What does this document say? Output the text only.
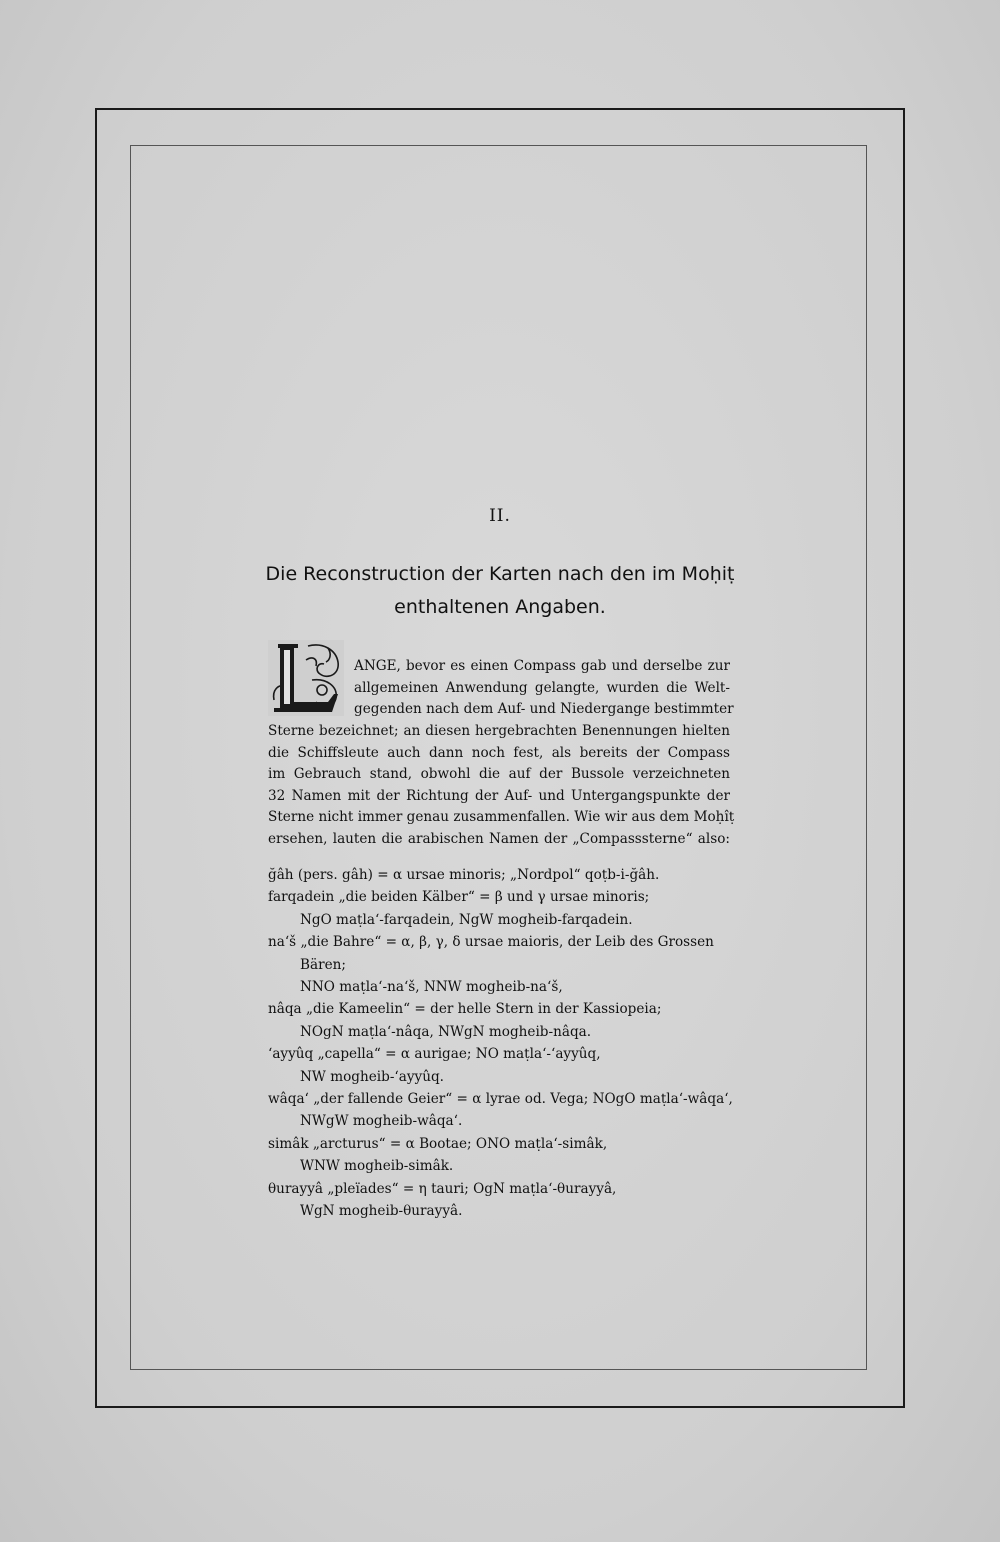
II.
Die Reconstruction der Karten nach den im Moḥiṭ
enthaltenen Angaben.
ANGE, bevor es einen Compass gab und derselbe zur
allgemeinen Anwendung gelangte, wurden die Welt-
gegenden nach dem Auf- und Niedergange bestimmter
Sterne bezeichnet; an diesen hergebrachten Benennungen hielten
die Schiffsleute auch dann noch fest, als bereits der Compass
im Gebrauch stand, obwohl die auf der Bussole verzeichneten
32 Namen mit der Richtung der Auf- und Untergangspunkte der
Sterne nicht immer genau zusammenfallen. Wie wir aus dem Moḥîṭ
ersehen, lauten die arabischen Namen der „Compasssterne“ also:
ğâh (pers. gâh) = α ursae minoris; „Nordpol“ qoṭb-i-ğâh.
farqadein „die beiden Kälber“ = β und γ ursae minoris;
NgO maṭla‘-farqadein, NgW mogheib-farqadein.
na‘š „die Bahre“ = α, β, γ, δ ursae maioris, der Leib des Grossen
Bären;
NNO maṭla‘-na‘š, NNW mogheib-na‘š,
nâqa „die Kameelin“ = der helle Stern in der Kassiopeia;
NOgN maṭla‘-nâqa, NWgN mogheib-nâqa.
‘ayyûq „capella“ = α aurigae; NO maṭla‘-‘ayyûq,
NW mogheib-‘ayyûq.
wâqa‘ „der fallende Geier“ = α lyrae od. Vega; NOgO maṭla‘-wâqa‘,
NWgW mogheib-wâqa‘.
simâk „arcturus“ = α Bootae; ONO maṭla‘-simâk,
WNW mogheib-simâk.
θurayyâ „pleïades“ = η tauri; OgN maṭla‘-θurayyâ,
WgN mogheib-θurayyâ.
